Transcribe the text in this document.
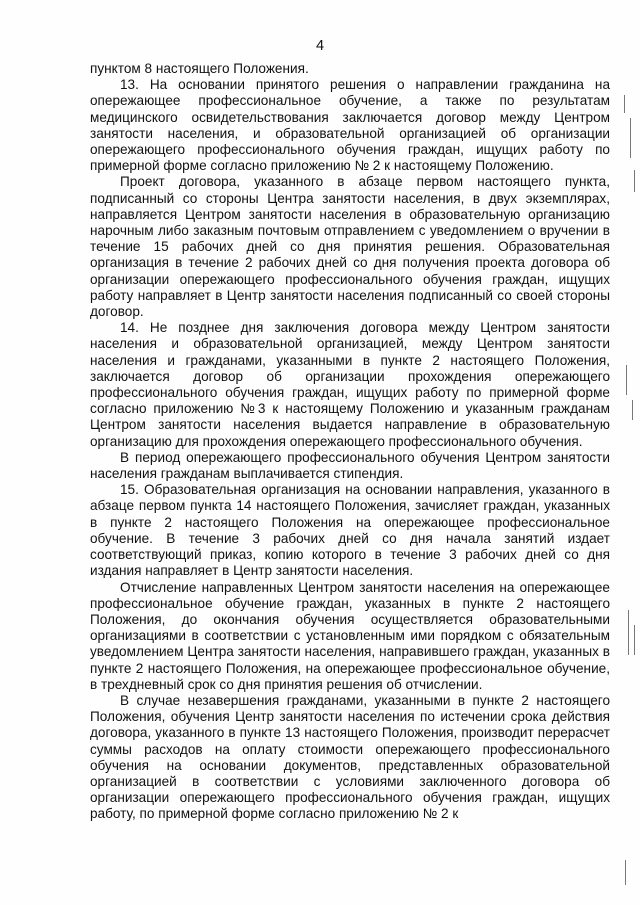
4

пунктом 8 настоящего Положения.

13. На основании принятого решения о направлении гражданина на опережающее профессиональное обучение, а также по результатам медицинского освидетельствования заключается договор между Центром занятости населения, и образовательной организацией об организации опережающего профессионального обучения граждан, ищущих работу по примерной форме согласно приложению № 2 к настоящему Положению.

Проект договора, указанного в абзаце первом настоящего пункта, подписанный со стороны Центра занятости населения, в двух экземплярах, направляется Центром занятости населения в образовательную организацию нарочным либо заказным почтовым отправлением с уведомлением о вручении в течение 15 рабочих дней со дня принятия решения. Образовательная организация в течение 2 рабочих дней со дня получения проекта договора об организации опережающего профессионального обучения граждан, ищущих работу направляет в Центр занятости населения подписанный со своей стороны договор.

14. Не позднее дня заключения договора между Центром занятости населения и образовательной организацией, между Центром занятости населения и гражданами, указанными в пункте 2 настоящего Положения, заключается договор об организации прохождения опережающего профессионального обучения граждан, ищущих работу по примерной форме согласно приложению №3 к настоящему Положению и указанным гражданам Центром занятости населения выдается направление в образовательную организацию для прохождения опережающего профессионального обучения.

В период опережающего профессионального обучения Центром занятости населения гражданам выплачивается стипендия.

15. Образовательная организация на основании направления, указанного в абзаце первом пункта 14 настоящего Положения, зачисляет граждан, указанных в пункте 2 настоящего Положения на опережающее профессиональное обучение. В течение 3 рабочих дней со дня начала занятий издает соответствующий приказ, копию которого в течение 3 рабочих дней со дня издания направляет в Центр занятости населения.

Отчисление направленных Центром занятости населения на опережающее профессиональное обучение граждан, указанных в пункте 2 настоящего Положения, до окончания обучения осуществляется образовательными организациями в соответствии с установленным ими порядком с обязательным уведомлением Центра занятости населения, направившего граждан, указанных в пункте 2 настоящего Положения, на опережающее профессиональное обучение, в трехдневный срок со дня принятия решения об отчислении.

В случае незавершения гражданами, указанными в пункте 2 настоящего Положения, обучения Центр занятости населения по истечении срока действия договора, указанного в пункте 13 настоящего Положения, производит перерасчет суммы расходов на оплату стоимости опережающего профессионального обучения на основании документов, представленных образовательной организацией в соответствии с условиями заключенного договора об организации опережающего профессионального обучения граждан, ищущих работу, по примерной форме согласно приложению № 2 к
